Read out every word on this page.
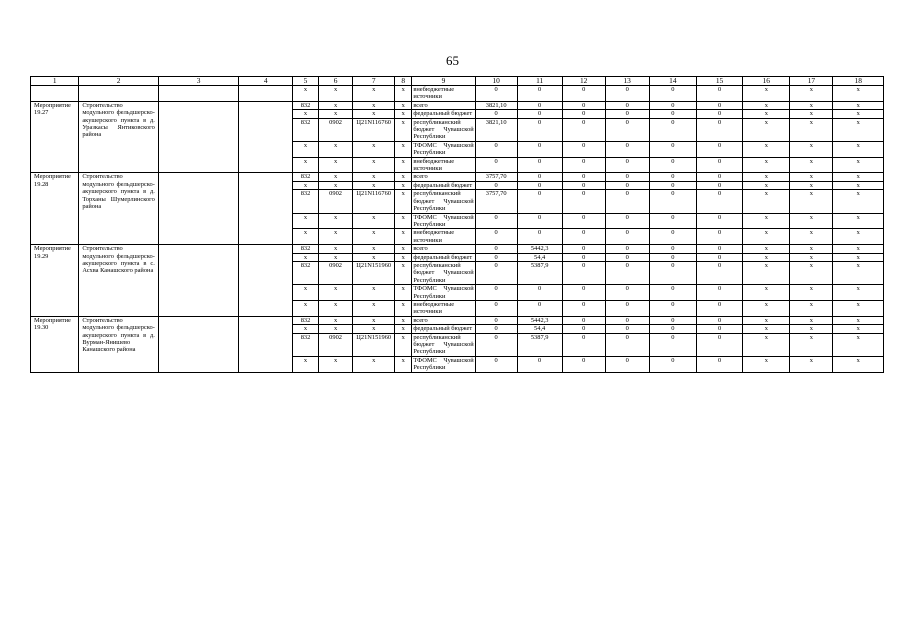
65
1	2	3	4	5	6	7	8	9	10	11	12	13	14	15	16	17	18
				x	x	x	x	внебюджетные источники	0	0	0	0	0	0	x	x	x
Мероприятие 19.27	Строительство модульного фельдшерско-акушерского пункта в д. Уразкасы Янтиковского района			832	x	x	x	всего	3821,10	0	0	0	0	0	x	x	x
				x	x	x	x	федеральный бюджет	0	0	0	0	0	0	x	x	x
				832	0902	Ц21N116760	x	республиканский бюджет Чувашской Республики	3821,10	0	0	0	0	0	x	x	x
				x	x	x	x	ТФОМС Чувашской Республики	0	0	0	0	0	0	x	x	x
				x	x	x	x	внебюджетные источники	0	0	0	0	0	0	x	x	x
Мероприятие 19.28	Строительство модульного фельдшерско-акушерского пункта в д. Торханы Шумерлинского района			832	x	x	x	всего	3757,70	0	0	0	0	0	x	x	x
				x	x	x	x	федеральный бюджет	0	0	0	0	0	0	x	x	x
				832	0902	Ц21N116760	x	республиканский бюджет Чувашской Республики	3757,70	0	0	0	0	0	x	x	x
				x	x	x	x	ТФОМС Чувашской Республики	0	0	0	0	0	0	x	x	x
				x	x	x	x	внебюджетные источники	0	0	0	0	0	0	x	x	x
Мероприятие 19.29	Строительство модульного фельдшерско-акушерского пункта в с. Асхва Канашского района			832	x	x	x	всего	0	5442,3	0	0	0	0	x	x	x
				x	x	x	x	федеральный бюджет	0	54,4	0	0	0	0	x	x	x
				832	0902	Ц21N151960	x	республиканский бюджет Чувашской Республики	0	5387,9	0	0	0	0	x	x	x
				x	x	x	x	ТФОМС Чувашской Республики	0	0	0	0	0	0	x	x	x
				x	x	x	x	внебюджетные источники	0	0	0	0	0	0	x	x	x
Мероприятие 19.30	Строительство модульного фельдшерско-акушерского пункта в д. Вурман-Янишево Канашского района			832	x	x	x	всего	0	5442,3	0	0	0	0	x	x	x
				x	x	x	x	федеральный бюджет	0	54,4	0	0	0	0	x	x	x
				832	0902	Ц21N151960	x	республиканский бюджет Чувашской Республики	0	5387,9	0	0	0	0	x	x	x
				x	x	x	x	ТФОМС Чувашской Республики	0	0	0	0	0	0	x	x	x
